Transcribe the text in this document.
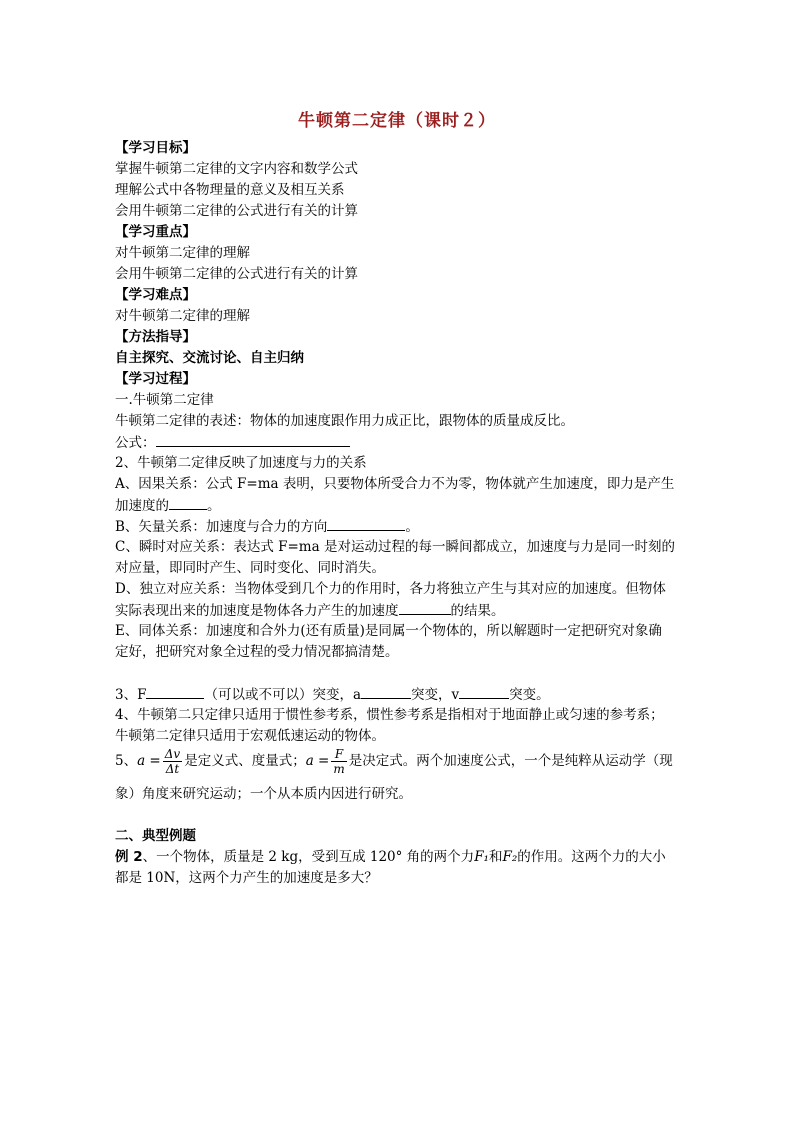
牛顿第二定律（课时２）
【学习目标】
掌握牛顿第二定律的文字内容和数学公式
理解公式中各物理量的意义及相互关系
会用牛顿第二定律的公式进行有关的计算
【学习重点】
对牛顿第二定律的理解
会用牛顿第二定律的公式进行有关的计算
【学习难点】
对牛顿第二定律的理解
【方法指导】
自主探究、交流讨论、自主归纳
【学习过程】
一.牛顿第二定律
牛顿第二定律的表述：物体的加速度跟作用力成正比，跟物体的质量成反比。
公式：
2、牛顿第二定律反映了加速度与力的关系
A、因果关系：公式 F=ma 表明，只要物体所受合力不为零，物体就产生加速度，即力是产生
加速度的	。
B、矢量关系：加速度与合力的方向	。
C、瞬时对应关系：表达式 F=ma 是对运动过程的每一瞬间都成立，加速度与力是同一时刻的
对应量，即同时产生、同时变化、同时消失。
D、独立对应关系：当物体受到几个力的作用时，各力将独立产生与其对应的加速度。但物体
实际表现出来的加速度是物体各力产生的加速度	的结果。
E、同体关系：加速度和合外力(还有质量)是同属一个物体的，所以解题时一定把研究对象确
定好，把研究对象全过程的受力情况都搞清楚。
3、F	（可以或不可以）突变，a	突变，v	突变。
4、牛顿第二只定律只适用于惯性参考系，惯性参考系是指相对于地面静止或匀速的参考系；
牛顿第二定律只适用于宏观低速运动的物体。
5、$a = \frac{\Delta v}{\Delta t}$ 是定义式、度量式；$a = \frac{F}{m}$ 是决定式。两个加速度公式，一个是纯粹从运动学（现
象）角度来研究运动；一个从本质内因进行研究。
二、典型例题
例 2、一个物体，质量是 2 kg，受到互成 120° 角的两个力F₁和F₂的作用。这两个力的大小
都是 10N，这两个力产生的加速度是多大？
